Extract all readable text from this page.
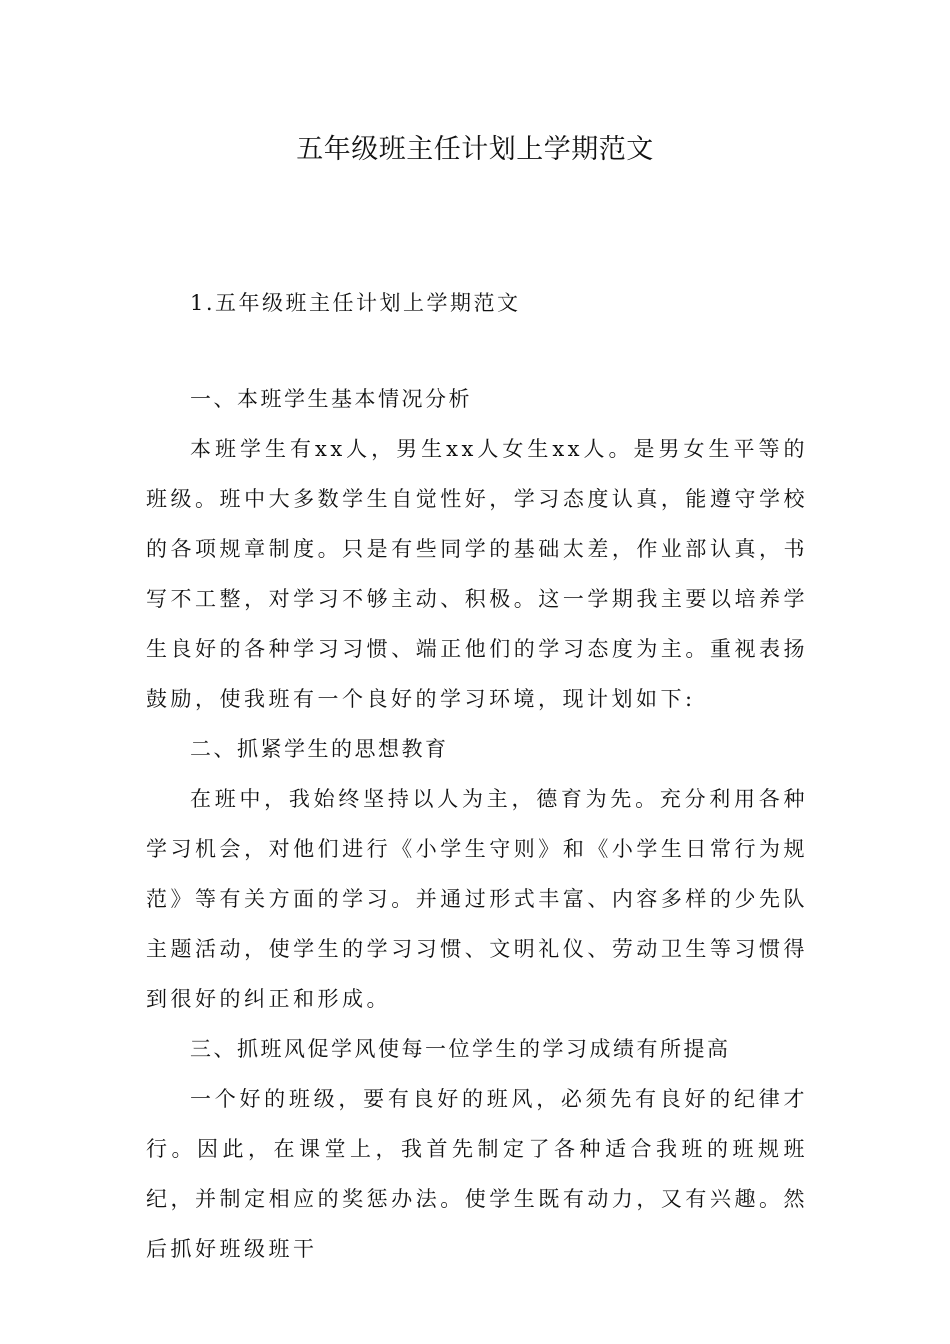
五年级班主任计划上学期范文

1.五年级班主任计划上学期范文

一、本班学生基本情况分析

本班学生有xx人，男生xx人女生xx人。是男女生平等的班级。班中大多数学生自觉性好，学习态度认真，能遵守学校的各项规章制度。只是有些同学的基础太差，作业部认真，书写不工整，对学习不够主动、积极。这一学期我主要以培养学生良好的各种学习习惯、端正他们的学习态度为主。重视表扬鼓励，使我班有一个良好的学习环境，现计划如下:

二、抓紧学生的思想教育

在班中，我始终坚持以人为主，德育为先。充分利用各种学习机会，对他们进行《小学生守则》和《小学生日常行为规范》等有关方面的学习。并通过形式丰富、内容多样的少先队主题活动，使学生的学习习惯、文明礼仪、劳动卫生等习惯得到很好的纠正和形成。

三、抓班风促学风使每一位学生的学习成绩有所提高

一个好的班级，要有良好的班风，必须先有良好的纪律才行。因此，在课堂上，我首先制定了各种适合我班的班规班纪，并制定相应的奖惩办法。使学生既有动力，又有兴趣。然后抓好班级班干
